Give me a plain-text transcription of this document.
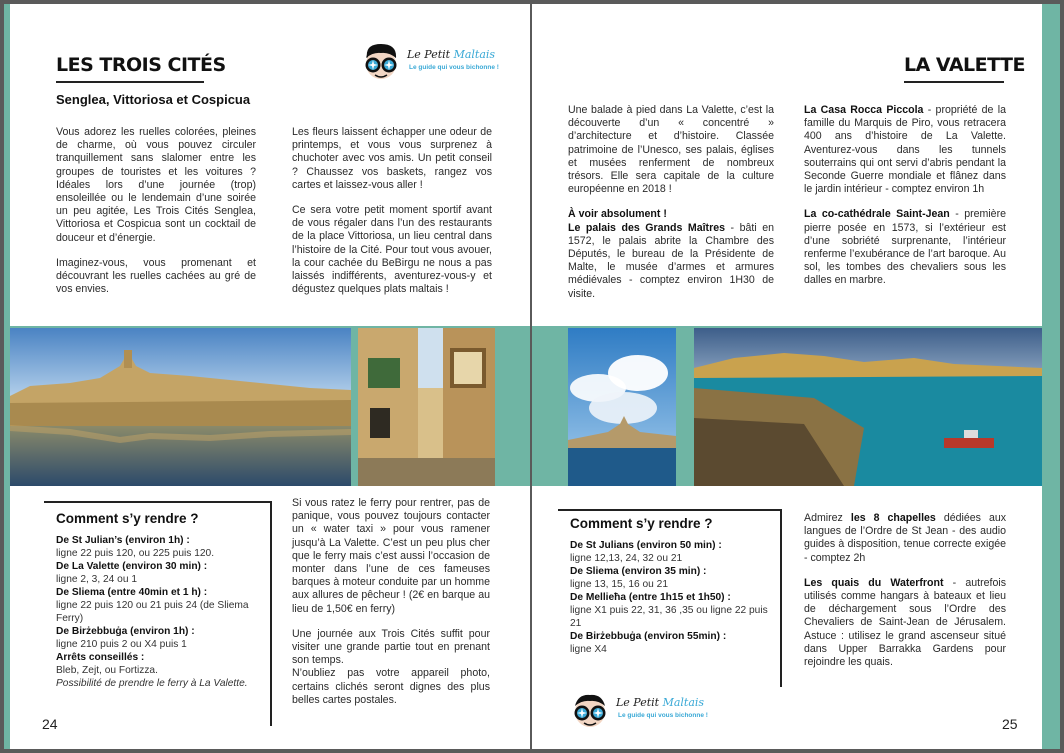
LES TROIS CITÉS
Senglea, Vittoriosa et Cospicua
Le Petit Maltais
Le guide qui vous bichonne !

Vous adorez les ruelles colorées, pleines de charme, où vous pouvez circuler tranquillement sans slalomer entre les groupes de touristes et les voitures ? Idéales lors d’une journée (trop) ensoleillée ou le lendemain d’une soirée un peu agitée, Les Trois Cités Senglea, Vittoriosa et Cospicua sont un cocktail de douceur et d’énergie.

Imaginez-vous, vous promenant et découvrant les ruelles cachées au gré de vos envies.

Les fleurs laissent échapper une odeur de printemps, et vous vous surprenez à chuchoter avec vos amis. Un petit conseil ? Chaussez vos baskets, rangez vos cartes et laissez-vous aller !

Ce sera votre petit moment sportif avant de vous régaler dans l’un des restaurants de la place Vittoriosa, un lieu central dans l’histoire de la Cité. Pour tout vous avouer, la cour cachée du BeBirgu ne nous a pas laissés indifférents, aventurez-vous-y et dégustez quelques plats maltais !

Comment s’y rendre ?
De St Julian’s (environ 1h) :
ligne 22 puis 120, ou 225 puis 120.
De La Valette (environ 30 min) :
ligne 2, 3, 24 ou 1
De Sliema (entre 40min et 1 h) :
ligne 22 puis 120 ou 21 puis 24 (de Sliema Ferry)
De Birżebbuġa (environ 1h) :
ligne 210 puis 2 ou X4 puis 1
Arrêts conseillés :
Bleb, Zejt, ou Fortizza.
Possibilité de prendre le ferry à La Valette.

Si vous ratez le ferry pour rentrer, pas de panique, vous pouvez toujours contacter un « water taxi » pour vous ramener jusqu’à La Valette. C’est un peu plus cher que le ferry mais c’est aussi l’occasion de monter dans l’une de ces fameuses barques à moteur conduite par un homme aux allures de pêcheur ! (2€ en barque au lieu de 1,50€ en ferry)

Une journée aux Trois Cités suffit pour visiter une grande partie tout en prenant son temps.

N’oubliez pas votre appareil photo, certains clichés seront dignes des plus belles cartes postales.

24
LA VALETTE

Une balade à pied dans La Valette, c’est la découverte d’un « concentré » d’architecture et d’histoire. Classée patrimoine de l’Unesco, ses palais, églises et musées renferment de nombreux trésors. Elle sera capitale de la culture européenne en 2018 !

À voir absolument !

Le palais des Grands Maîtres - bâti en 1572, le palais abrite la Chambre des Députés, le bureau de la Présidente de Malte, le musée d’armes et armures médiévales - comptez environ 1H30 de visite.

La Casa Rocca Piccola - propriété de la famille du Marquis de Piro, vous retracera 400 ans d’histoire de La Valette. Aventurez-vous dans les tunnels souterrains qui ont servi d’abris pendant la Seconde Guerre mondiale et flânez dans le jardin intérieur - comptez environ 1h

La co-cathédrale Saint-Jean - première pierre posée en 1573, si l’extérieur est d’une sobriété surprenante, l’intérieur renferme l’exubérance de l’art baroque. Au sol, les tombes des chevaliers sous les dalles en marbre.

Comment s’y rendre ?
De St Julians (environ 50 min) :
ligne 12,13, 24, 32 ou 21
De Sliema (environ 35 min) :
ligne 13, 15, 16 ou 21
De Mellieħa (entre 1h15 et 1h50) :
ligne X1 puis 22, 31, 36 ,35 ou ligne 22 puis 21
De Birżebbuġa (environ 55min) :
ligne X4

Admirez les 8 chapelles dédiées aux langues de l’Ordre de St Jean - des audio guides à disposition, tenue correcte exigée - comptez 2h

Les quais du Waterfront - autrefois utilisés comme hangars à bateaux et lieu de déchargement sous l’Ordre des Chevaliers de Saint-Jean de Jérusalem. Astuce : utilisez le grand ascenseur situé dans Upper Barrakka Gardens pour rejoindre les quais.

Le Petit Maltais
Le guide qui vous bichonne !
25
